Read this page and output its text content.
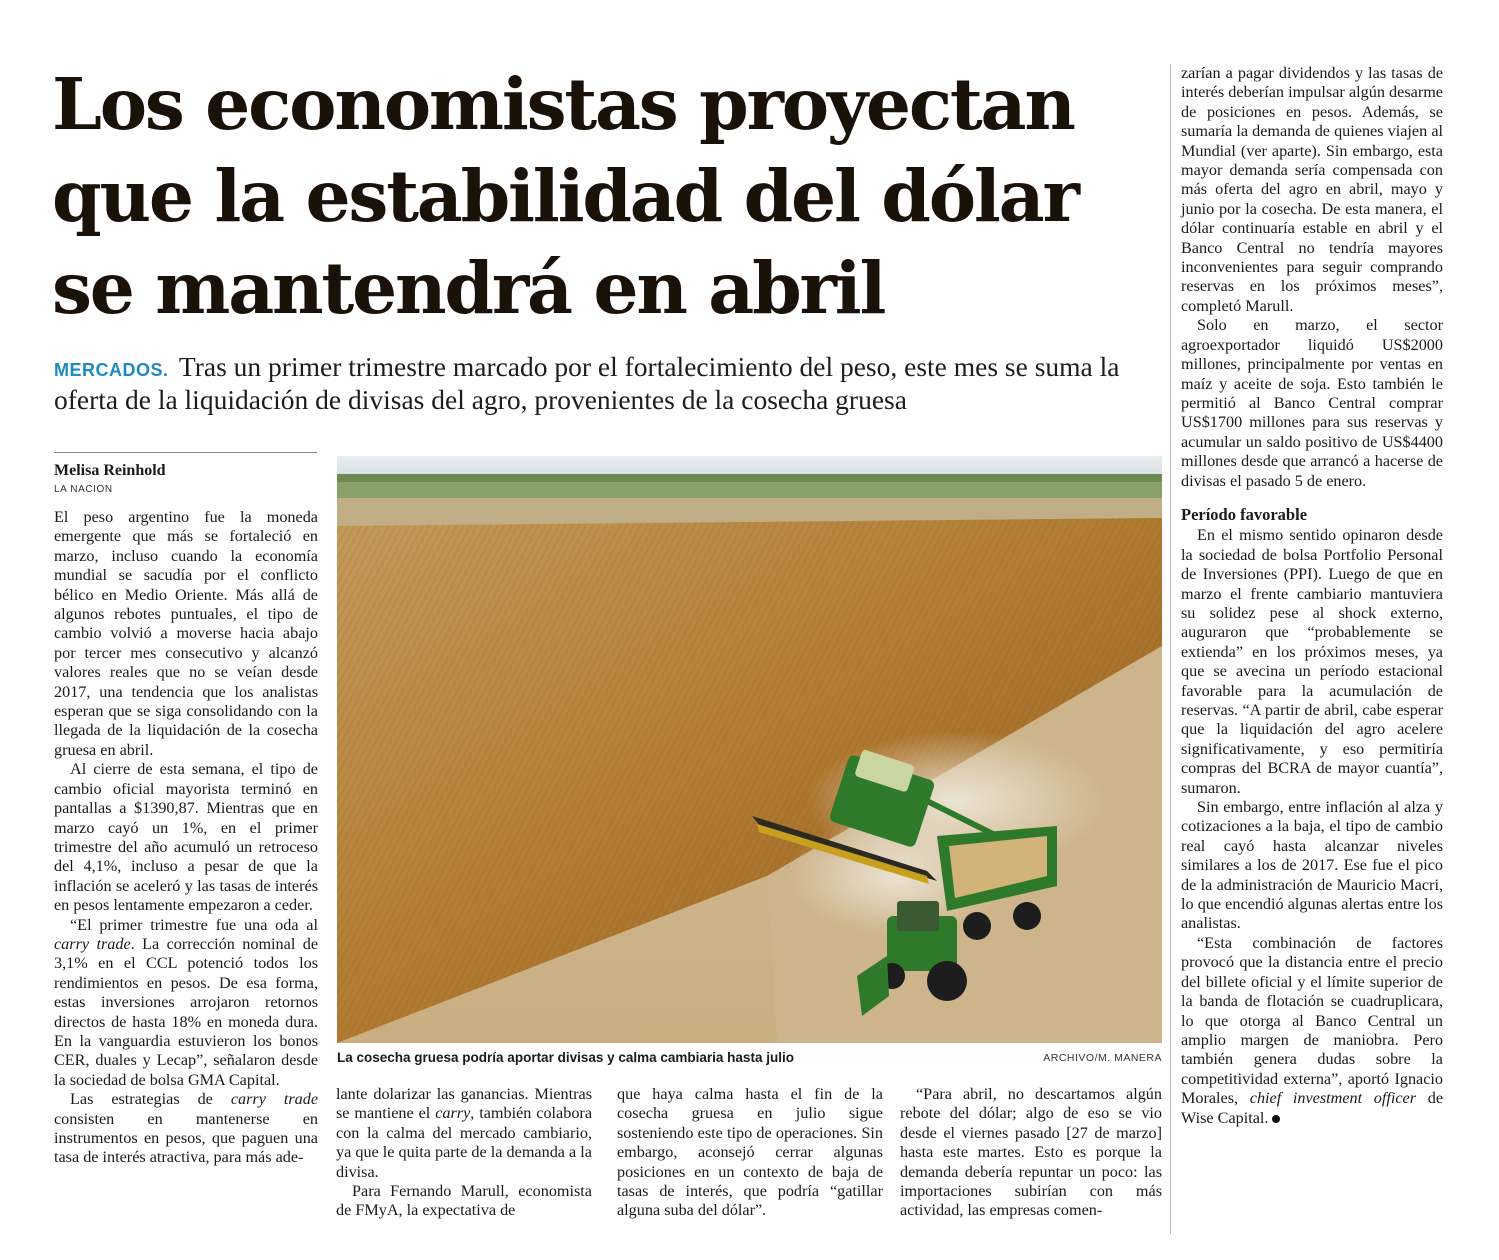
Los economistas proyectan
que la estabilidad del dólar
se mantendrá en abril
MERCADOS. Tras un primer trimestre marcado por el fortalecimiento del peso, este mes se suma la oferta de la liquidación de divisas del agro, provenientes de la cosecha gruesa
Melisa Reinhold
LA NACION

El peso argentino fue la moneda emergente que más se fortaleció en marzo, incluso cuando la economía mundial se sacudía por el conflicto bélico en Medio Oriente. Más allá de algunos rebotes puntuales, el tipo de cambio volvió a moverse hacia abajo por tercer mes consecutivo y alcanzó valores reales que no se veían desde 2017, una tendencia que los analistas esperan que se siga consolidando con la llegada de la liquidación de la cosecha gruesa en abril.

Al cierre de esta semana, el tipo de cambio oficial mayorista terminó en pantallas a $1390,87. Mientras que en marzo cayó un 1%, en el primer trimestre del año acumuló un retroceso del 4,1%, incluso a pesar de que la inflación se aceleró y las tasas de interés en pesos lentamente empezaron a ceder.

“El primer trimestre fue una oda al carry trade. La corrección nominal de 3,1% en el CCL potenció todos los rendimientos en pesos. De esa forma, estas inversiones arrojaron retornos directos de hasta 18% en moneda dura. En la vanguardia estuvieron los bonos CER, duales y Lecap”, señalaron desde la sociedad de bolsa GMA Capital.

Las estrategias de carry trade consisten en mantenerse en instrumentos en pesos, que paguen una tasa de interés atractiva, para más ade-

La cosecha gruesa podría aportar divisas y calma cambiaria hasta julio	ARCHIVO/M. MANERA

lante dolarizar las ganancias. Mientras se mantiene el carry, también colabora con la calma del mercado cambiario, ya que le quita parte de la demanda a la divisa.

Para Fernando Marull, economista de FMyA, la expectativa de

que haya calma hasta el fin de la cosecha gruesa en julio sigue sosteniendo este tipo de operaciones. Sin embargo, aconsejó cerrar algunas posiciones en un contexto de baja de tasas de interés, que podría “gatillar alguna suba del dólar”.

“Para abril, no descartamos algún rebote del dólar; algo de eso se vio desde el viernes pasado [27 de marzo] hasta este martes. Esto es porque la demanda debería repuntar un poco: las importaciones subirían con más actividad, las empresas comen-

zarían a pagar dividendos y las tasas de interés deberían impulsar algún desarme de posiciones en pesos. Además, se sumaría la demanda de quienes viajen al Mundial (ver aparte). Sin embargo, esta mayor demanda sería compensada con más oferta del agro en abril, mayo y junio por la cosecha. De esta manera, el dólar continuaría estable en abril y el Banco Central no tendría mayores inconvenientes para seguir comprando reservas en los próximos meses”, completó Marull.

Solo en marzo, el sector agroexportador liquidó US$2000 millones, principalmente por ventas en maíz y aceite de soja. Esto también le permitió al Banco Central comprar US$1700 millones para sus reservas y acumular un saldo positivo de US$4400 millones desde que arrancó a hacerse de divisas el pasado 5 de enero.

Período favorable

En el mismo sentido opinaron desde la sociedad de bolsa Portfolio Personal de Inversiones (PPI). Luego de que en marzo el frente cambiario mantuviera su solidez pese al shock externo, auguraron que “probablemente se extienda” en los próximos meses, ya que se avecina un período estacional favorable para la acumulación de reservas. “A partir de abril, cabe esperar que la liquidación del agro acelere significativamente, y eso permitiría compras del BCRA de mayor cuantía”, sumaron.

Sin embargo, entre inflación al alza y cotizaciones a la baja, el tipo de cambio real cayó hasta alcanzar niveles similares a los de 2017. Ese fue el pico de la administración de Mauricio Macri, lo que encendió algunas alertas entre los analistas.

“Esta combinación de factores provocó que la distancia entre el precio del billete oficial y el límite superior de la banda de flotación se cuadruplicara, lo que otorga al Banco Central un amplio margen de maniobra. Pero también genera dudas sobre la competitividad externa”, aportó Ignacio Morales, chief investment officer de Wise Capital.
